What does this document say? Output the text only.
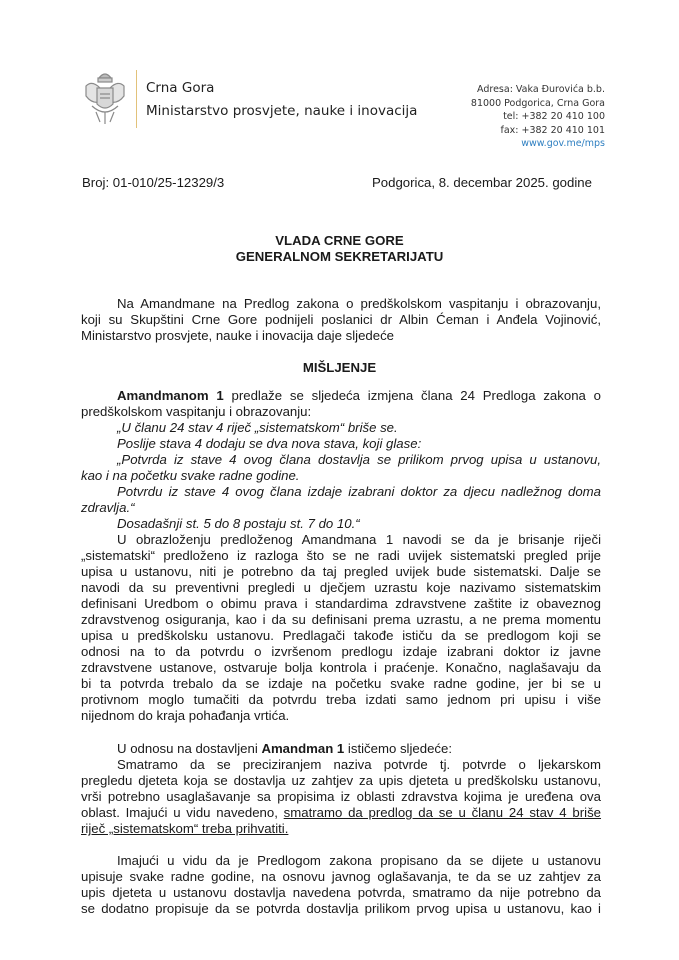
Crna Gora
Ministarstvo prosvjete, nauke i inovacija
Adresa: Vaka Đurovića b.b.
81000 Podgorica, Crna Gora
tel: +382 20 410 100
fax: +382 20 410 101
www.gov.me/mps
Broj: 01-010/25-12329/3	Podgorica, 8. decembar 2025. godine
VLADA CRNE GORE
GENERALNOM SEKRETARIJATU
Na Amandmane na Predlog zakona o predškolskom vaspitanju i obrazovanju,
koji su Skupštini Crne Gore podnijeli poslanici dr Albin Ćeman i Anđela Vojinović,
Ministarstvo prosvjete, nauke i inovacija daje sljedeće
MIŠLJENJE
Amandmanom 1 predlaže se sljedeća izmjena člana 24 Predloga zakona o
predškolskom vaspitanju i obrazovanju:
„U članu 24 stav 4 riječ „sistematskom“ briše se.
Poslije stava 4 dodaju se dva nova stava, koji glase:
„Potvrda iz stave 4 ovog člana dostavlja se prilikom prvog upisa u ustanovu,
kao i na početku svake radne godine.
Potvrdu iz stave 4 ovog člana izdaje izabrani doktor za djecu nadležnog doma
zdravlja.“
Dosadašnji st. 5 do 8 postaju st. 7 do 10.“
U obrazloženju predloženog Amandmana 1 navodi se da je brisanje riječi
„sistematski“ predloženo iz razloga što se ne radi uvijek sistematski pregled prije
upisa u ustanovu, niti je potrebno da taj pregled uvijek bude sistematski. Dalje se
navodi da su preventivni pregledi u dječjem uzrastu koje nazivamo sistematskim
definisani Uredbom o obimu prava i standardima zdravstvene zaštite iz obaveznog
zdravstvenog osiguranja, kao i da su definisani prema uzrastu, a ne prema momentu
upisa u predškolsku ustanovu. Predlagači takođe ističu da se predlogom koji se
odnosi na to da potvrdu o izvršenom predlogu izdaje izabrani doktor iz javne
zdravstvene ustanove, ostvaruje bolja kontrola i praćenje. Konačno, naglašavaju da
bi ta potvrda trebalo da se izdaje na početku svake radne godine, jer bi se u
protivnom moglo tumačiti da potvrdu treba izdati samo jednom pri upisu i više
nijednom do kraja pohađanja vrtića.
U odnosu na dostavljeni Amandman 1 ističemo sljedeće:
Smatramo da se preciziranjem naziva potvrde tj. potvrde o ljekarskom
pregledu djeteta koja se dostavlja uz zahtjev za upis djeteta u predškolsku ustanovu,
vrši potrebno usaglašavanje sa propisima iz oblasti zdravstva kojima je uređena ova
oblast. Imajući u vidu navedeno, smatramo da predlog da se u članu 24 stav 4 briše
riječ „sistematskom“ treba prihvatiti.
Imajući u vidu da je Predlogom zakona propisano da se dijete u ustanovu
upisuje svake radne godine, na osnovu javnog oglašavanja, te da se uz zahtjev za
upis djeteta u ustanovu dostavlja navedena potvrda, smatramo da nije potrebno da
se dodatno propisuje da se potvrda dostavlja prilikom prvog upisa u ustanovu, kao i
